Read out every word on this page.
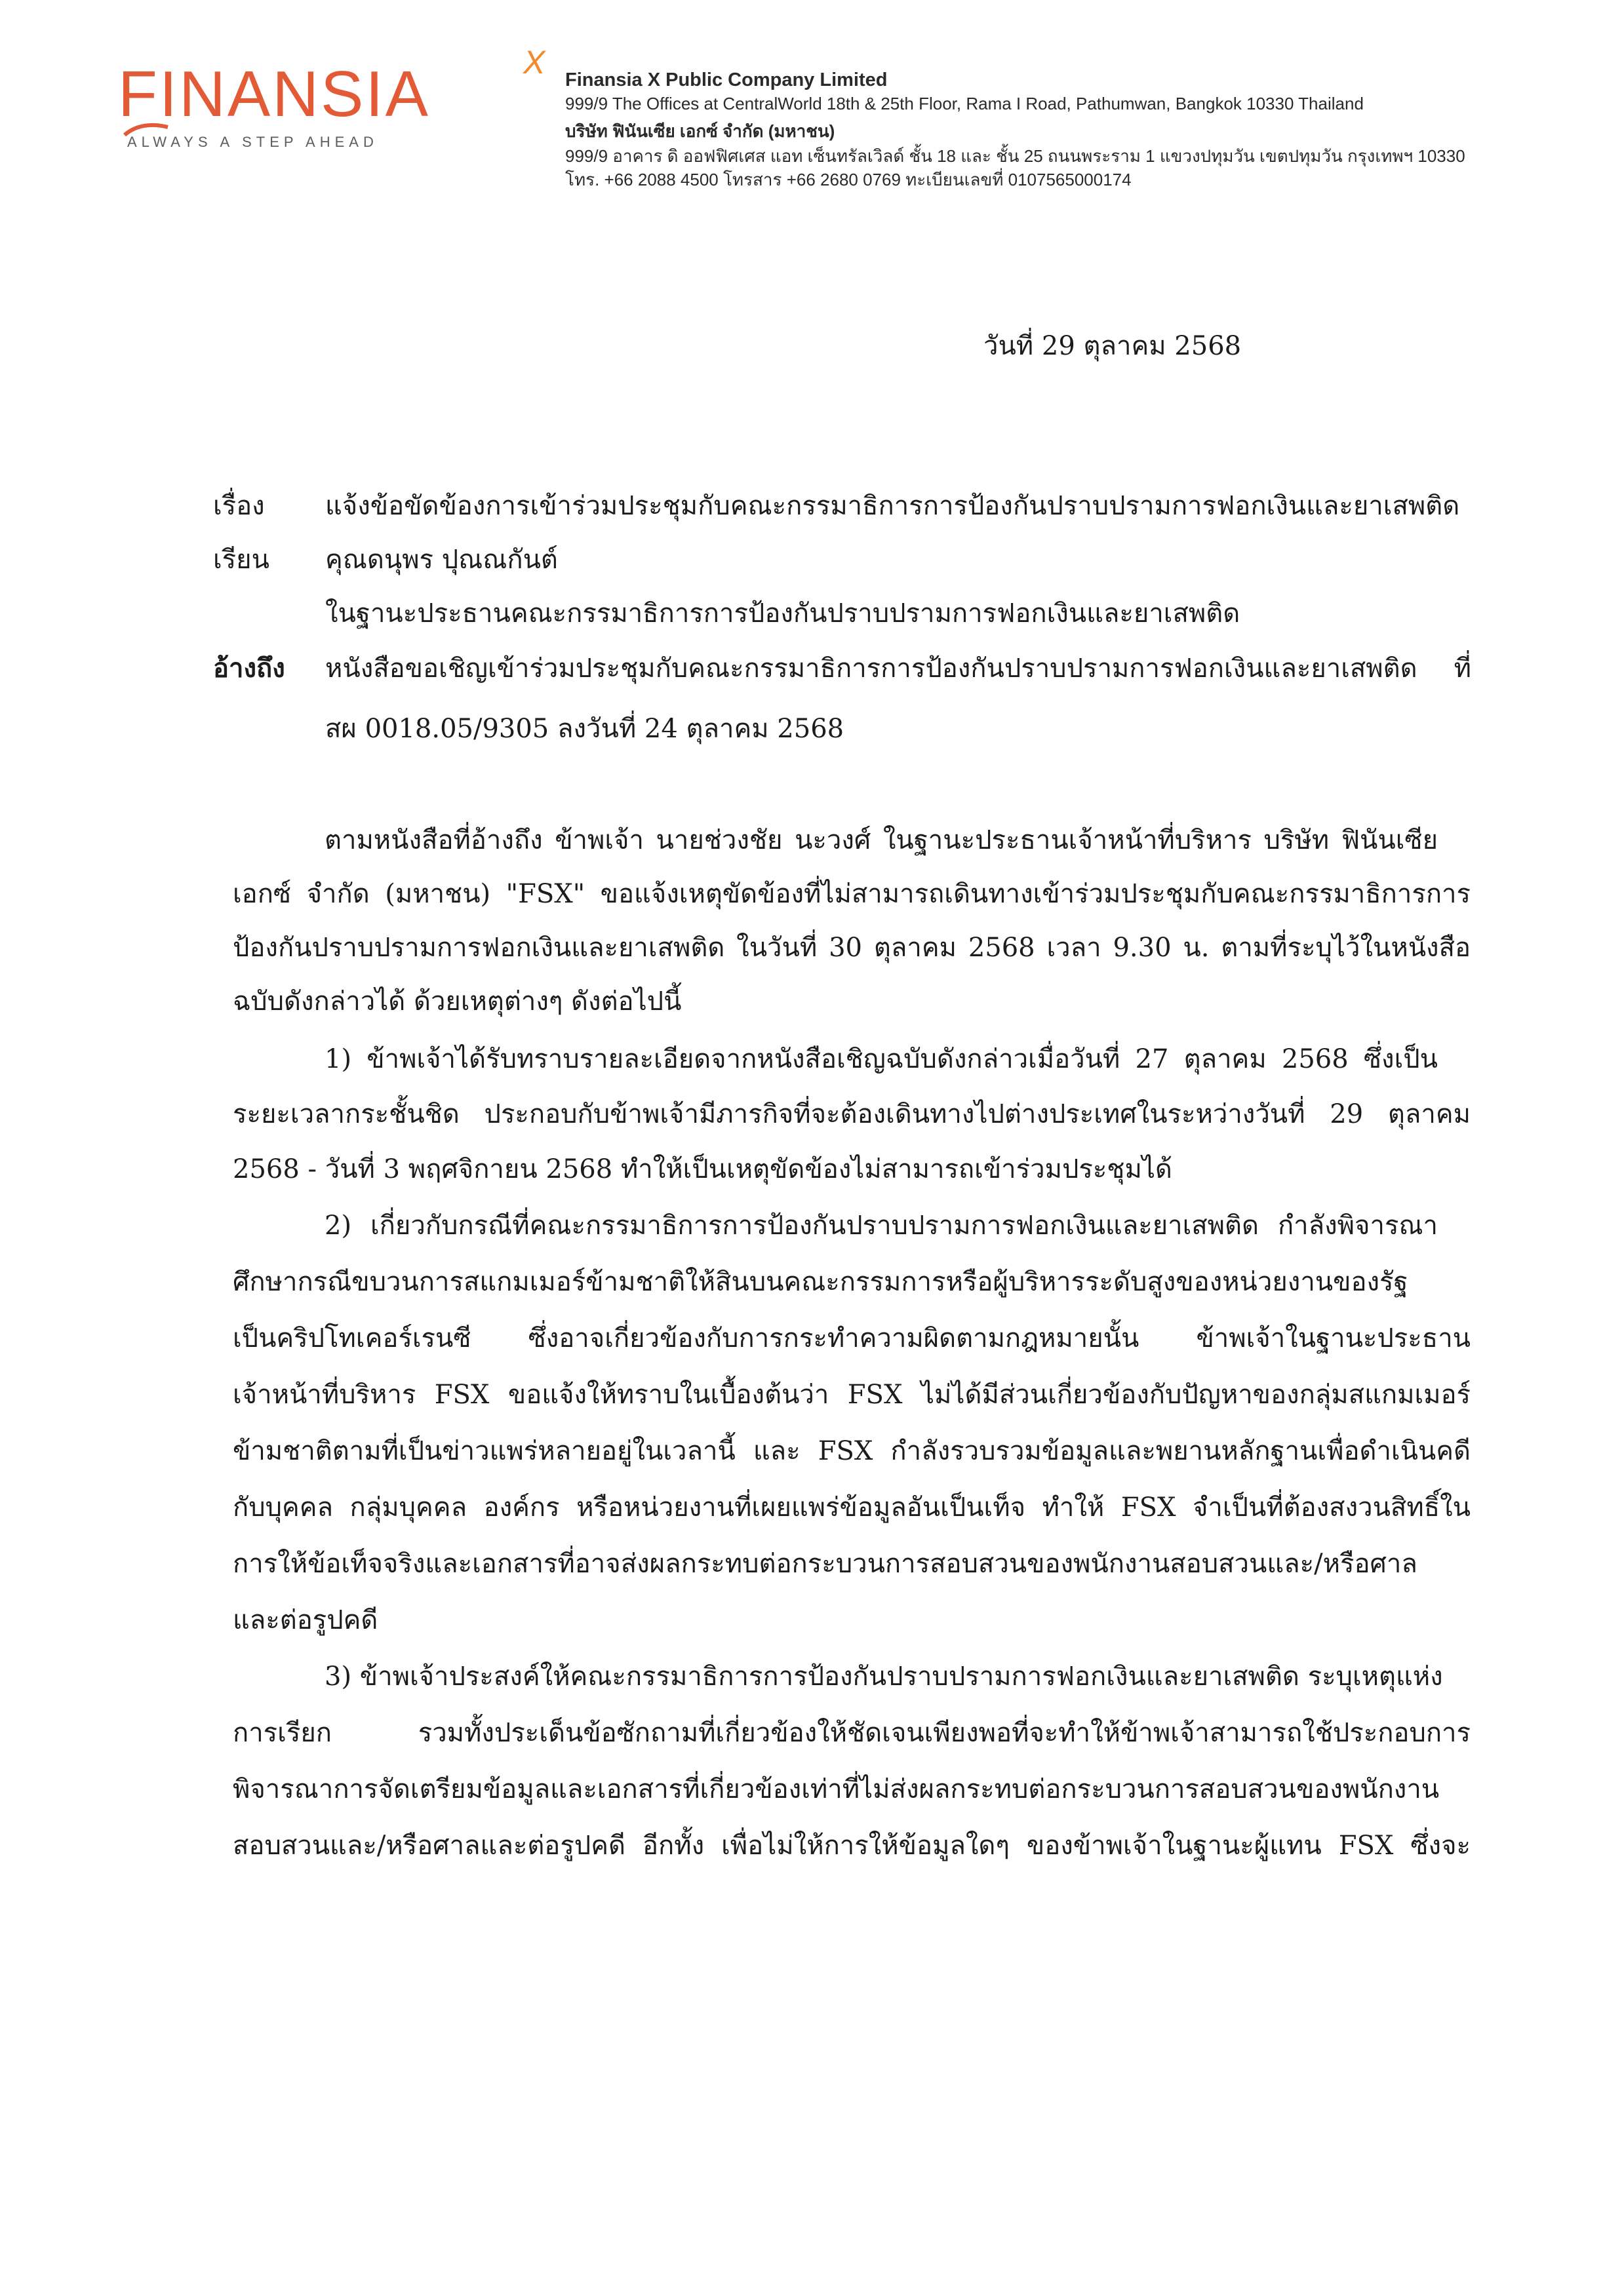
FINANSIA	X
ALWAYS A STEP AHEAD
Finansia X Public Company Limited
999/9 The Offices at CentralWorld 18th & 25th Floor, Rama I Road, Pathumwan, Bangkok 10330 Thailand
บริษัท ฟินันเซีย เอกซ์ จำกัด (มหาชน)
999/9 อาคาร ดิ ออฟฟิศเศส แอท เซ็นทรัลเวิลด์ ชั้น 18 และ ชั้น 25 ถนนพระราม 1 แขวงปทุมวัน เขตปทุมวัน กรุงเทพฯ 10330
โทร. +66 2088 4500 โทรสาร +66 2680 0769 ทะเบียนเลขที่ 0107565000174
วันที่ 29 ตุลาคม 2568
เรื่อง แจ้งข้อขัดข้องการเข้าร่วมประชุมกับคณะกรรมาธิการการป้องกันปราบปรามการฟอกเงินและยาเสพติด
เรียน คุณดนุพร ปุณณกันต์
ในฐานะประธานคณะกรรมาธิการการป้องกันปราบปรามการฟอกเงินและยาเสพติด
อ้างถึง หนังสือขอเชิญเข้าร่วมประชุมกับคณะกรรมาธิการการป้องกันปราบปรามการฟอกเงินและยาเสพติด ที่
สผ 0018.05/9305 ลงวันที่ 24 ตุลาคม 2568
ตามหนังสือที่อ้างถึง ข้าพเจ้า นายช่วงชัย นะวงศ์ ในฐานะประธานเจ้าหน้าที่บริหาร บริษัท ฟินันเซีย
เอกซ์ จำกัด (มหาชน) "FSX" ขอแจ้งเหตุขัดข้องที่ไม่สามารถเดินทางเข้าร่วมประชุมกับคณะกรรมาธิการการ
ป้องกันปราบปรามการฟอกเงินและยาเสพติด ในวันที่ 30 ตุลาคม 2568 เวลา 9.30 น. ตามที่ระบุไว้ในหนังสือ
ฉบับดังกล่าวได้ ด้วยเหตุต่างๆ ดังต่อไปนี้
1) ข้าพเจ้าได้รับทราบรายละเอียดจากหนังสือเชิญฉบับดังกล่าวเมื่อวันที่ 27 ตุลาคม 2568 ซึ่งเป็น
ระยะเวลากระชั้นชิด ประกอบกับข้าพเจ้ามีภารกิจที่จะต้องเดินทางไปต่างประเทศในระหว่างวันที่ 29 ตุลาคม
2568 - วันที่ 3 พฤศจิกายน 2568 ทำให้เป็นเหตุขัดข้องไม่สามารถเข้าร่วมประชุมได้
2) เกี่ยวกับกรณีที่คณะกรรมาธิการการป้องกันปราบปรามการฟอกเงินและยาเสพติด กำลังพิจารณา
ศึกษากรณีขบวนการสแกมเมอร์ข้ามชาติให้สินบนคณะกรรมการหรือผู้บริหารระดับสูงของหน่วยงานของรัฐ
เป็นคริปโทเคอร์เรนซี ซึ่งอาจเกี่ยวข้องกับการกระทำความผิดตามกฎหมายนั้น ข้าพเจ้าในฐานะประธาน
เจ้าหน้าที่บริหาร FSX ขอแจ้งให้ทราบในเบื้องต้นว่า FSX ไม่ได้มีส่วนเกี่ยวข้องกับปัญหาของกลุ่มสแกมเมอร์
ข้ามชาติตามที่เป็นข่าวแพร่หลายอยู่ในเวลานี้ และ FSX กำลังรวบรวมข้อมูลและพยานหลักฐานเพื่อดำเนินคดี
กับบุคคล กลุ่มบุคคล องค์กร หรือหน่วยงานที่เผยแพร่ข้อมูลอันเป็นเท็จ ทำให้ FSX จำเป็นที่ต้องสงวนสิทธิ์ใน
การให้ข้อเท็จจริงและเอกสารที่อาจส่งผลกระทบต่อกระบวนการสอบสวนของพนักงานสอบสวนและ/หรือศาล
และต่อรูปคดี
3) ข้าพเจ้าประสงค์ให้คณะกรรมาธิการการป้องกันปราบปรามการฟอกเงินและยาเสพติด ระบุเหตุแห่ง
การเรียก รวมทั้งประเด็นข้อซักถามที่เกี่ยวข้องให้ชัดเจนเพียงพอที่จะทำให้ข้าพเจ้าสามารถใช้ประกอบการ
พิจารณาการจัดเตรียมข้อมูลและเอกสารที่เกี่ยวข้องเท่าที่ไม่ส่งผลกระทบต่อกระบวนการสอบสวนของพนักงาน
สอบสวนและ/หรือศาลและต่อรูปคดี อีกทั้ง เพื่อไม่ให้การให้ข้อมูลใดๆ ของข้าพเจ้าในฐานะผู้แทน FSX ซึ่งจะ
